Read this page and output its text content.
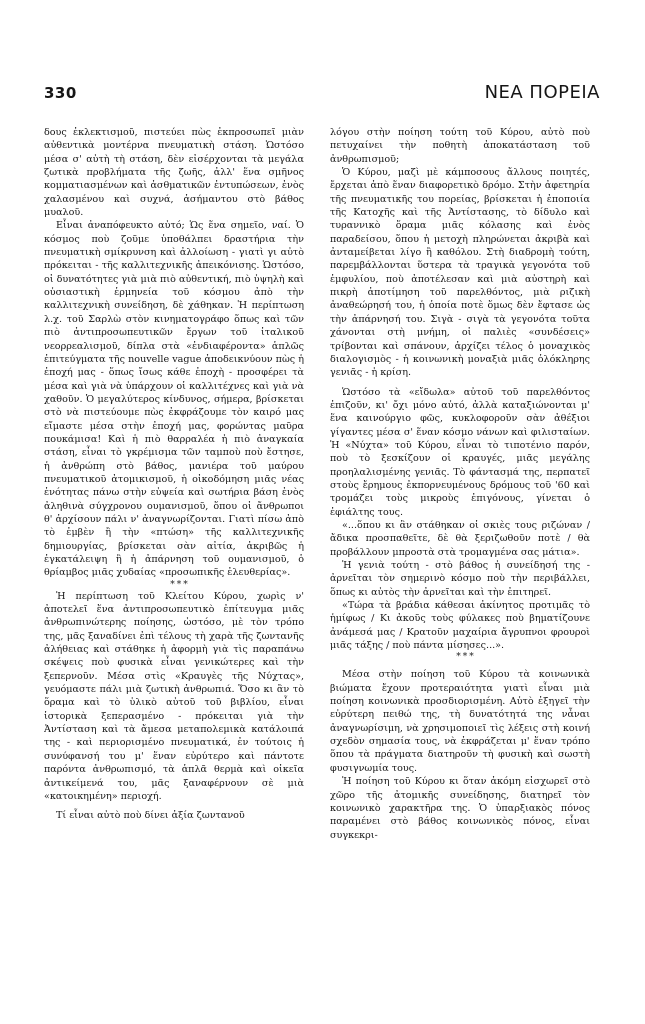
330	ΝΕΑ ΠΟΡΕΙΑ

δους ἐκλεκτισμοῦ, πιστεύει πὼς ἐκπροσωπεῖ μιὰν αὐθεντικὰ μοντέρνα πνευματικὴ στάση. Ὡστόσο μέσα σ' αὐτὴ τὴ στάση, δὲν εἰσέρχονται τὰ μεγάλα ζωτικὰ προβλήματα τῆς ζωῆς, ἀλλ' ἕνα σμῆνος κομματιασμένων καὶ ἀσθματικῶν ἐντυπώσεων, ἑνὸς χαλασμένου καὶ συχνά, ἀσήμαντου στὸ βάθος μυαλοῦ.

Εἶναι ἀναπόφευκτο αὐτό; Ὡς ἕνα σημεῖο, ναί. Ὁ κόσμος ποὺ ζοῦμε ὑποθάλπει δραστήρια τὴν πνευματικὴ σμίκρυνση καὶ ἀλλοίωση - γιατὶ γι αὐτὸ πρόκειται - τῆς καλλιτεχνικῆς ἀπεικόνισης. Ὡστόσο, οἱ δυνατότητες γιὰ μιὰ πιὸ αὐθεντική, πιὸ ὑψηλὴ καὶ οὐσιαστικὴ ἑρμηνεία τοῦ κόσμου ἀπὸ τὴν καλλιτεχνικὴ συνείδηση, δὲ χάθηκαν. Ἡ περίπτωση λ.χ. τοῦ Σαρλὼ στὸν κινηματογράφο ὅπως καὶ τῶν πιὸ ἀντιπροσωπευτικῶν ἔργων τοῦ ἰταλικοῦ νεορρεαλισμοῦ, δίπλα στὰ «ἐνδιαφέροντα» ἁπλῶς ἐπιτεύγματα τῆς nouvelle vague ἀποδεικνύουν πὼς ἡ ἐποχή μας - ὅπως ἴσως κάθε ἐποχὴ - προσφέρει τὰ μέσα καὶ γιὰ νὰ ὑπάρχουν οἱ καλλιτέχνες καὶ γιὰ νὰ χαθοῦν. Ὁ μεγαλύτερος κίνδυνος, σήμερα, βρίσκεται στὸ νὰ πιστεύουμε πὼς ἐκφράζουμε τὸν καιρό μας εἴμαστε μέσα στὴν ἐποχή μας, φορώντας μαῦρα πουκάμισα! Καὶ ἡ πιὸ θαρραλέα ἡ πιὸ ἀναγκαία στάση, εἶναι τὸ γκρέμισμα τῶν ταμποὺ ποὺ ἔστησε, ἡ ἀνθρώπη στὸ βάθος, μανιέρα τοῦ μαύρου πνευματικοῦ ἀτομικισμοῦ, ἡ οἰκοδόμηση μιᾶς νέας ἑνότητας πάνω στὴν εὐψεία καὶ σωτήρια βάση ἑνὸς ἀληθινὰ σύγχρονου ουμανισμοῦ, ὅπου οἱ ἄνθρωποι θ' ἀρχίσουν πάλι ν' ἀναγνωρίζονται. Γιατὶ πίσω ἀπὸ τὸ ἐμβὲν ἢ τὴν «πτώση» τῆς καλλιτεχνικῆς δημιουργίας, βρίσκεται σὰν αἰτία, ἀκριβῶς ἡ ἐγκατάλειψη ἢ ἡ ἀπάρνηση τοῦ ουμανισμοῦ, ὁ θρίαμβος μιᾶς χυδαίας «προσωπικῆς ἐλευθερίας».

***

Ἡ περίπτωση τοῦ Κλείτου Κύρου, χωρὶς ν' ἀποτελεῖ ἕνα ἀντιπροσωπευτικὸ ἐπίτευγμα μιᾶς ἀνθρωπινώτερης ποίησης, ὡστόσο, μὲ τὸν τρόπο της, μᾶς ξαναδίνει ἐπὶ τέλους τὴ χαρὰ τῆς ζωντανῆς ἀλήθειας καὶ στάθηκε ἡ ἀφορμὴ γιὰ τὶς παραπάνω σκέψεις ποὺ φυσικὰ εἶναι γενικώτερες καὶ τὴν ξεπερνοῦν. Μέσα στὶς «Κραυγὲς τῆς Νύχτας», γευόμαστε πάλι μιὰ ζωτικὴ ἀνθρωπιά. Ὅσο κι ἂν τὸ ὅραμα καὶ τὸ ὑλικὸ αὐτοῦ τοῦ βιβλίου, εἶναι ἱστορικὰ ξεπερασμένο - πρόκειται γιὰ τὴν Ἀντίσταση καὶ τὰ ἄμεσα μεταπολεμικὰ κατάλοιπά της - καὶ περιορισμένο πνευματικά, ἐν τούτοις ἡ συνύφανσή του μ' ἕναν εὐρύτερο καὶ πάντοτε παρόντα ἀνθρωπισμό, τὰ ἁπλᾶ θερμὰ καὶ οἰκεῖα ἀντικείμενά του, μᾶς ξαναφέρνουν σὲ μιὰ «κατοικημένη» περιοχή.

Τί εἶναι αὐτὸ ποὺ δίνει ἀξία ζωντανοῦ

λόγου στὴν ποίηση τούτη τοῦ Κύρου, αὐτὸ ποὺ πετυχαίνει τὴν ποθητὴ ἀποκατάσταση τοῦ ἀνθρωπισμοῦ;

Ὁ Κύρου, μαζὶ μὲ κάμποσους ἄλλους ποιητές, ἔρχεται ἀπὸ ἕναν διαφορετικὸ δρόμο. Στὴν ἀφετηρία τῆς πνευματικῆς του πορείας, βρίσκεται ἡ ἐποποιία τῆς Κατοχῆς καὶ τῆς Ἀντίστασης, τὸ δίδυλο καὶ τυραννικὸ ὅραμα μιᾶς κόλασης καὶ ἑνὸς παραδείσου, ὅπου ἡ μετοχὴ πληρώνεται ἀκριβὰ καὶ ἀνταμείβεται λίγο ἢ καθόλου. Στὴ διαδρομὴ τούτη, παρεμβάλλονται ὕστερα τὰ τραγικὰ γεγονότα τοῦ ἐμφυλίου, ποὺ ἀποτέλεσαν καὶ μιὰ αὐστηρὴ καὶ πικρὴ ἀποτίμηση τοῦ παρελθόντος, μιὰ ριζικὴ ἀναθεώρησή του, ἡ ὁποία ποτὲ ὅμως δὲν ἔφτασε ὡς τὴν ἀπάρνησή του. Σιγὰ - σιγὰ τὰ γεγονότα τοῦτα χάνονται στὴ μνήμη, οἱ παλιὲς «συνδέσεις» τρίβονται καὶ σπάνουν, ἀρχίζει τέλος ὁ μοναχικὸς διαλογισμὸς - ἡ κοινωνικὴ μοναξιὰ μιᾶς ὁλόκληρης γενιᾶς - ἡ κρίση.

Ὡστόσο τὰ «εἴδωλα» αὐτοῦ τοῦ παρελθόντος ἐπιζοῦν, κι' ὄχι μόνο αὐτό, ἀλλὰ καταξιώνονται μ' ἕνα καινούργιο φῶς, κυκλοφοροῦν σὰν ἀθέξιοι γίγαντες μέσα σ' ἕναν κόσμο νάνων καὶ φιλισταίων. Ἡ «Νύχτα» τοῦ Κύρου, εἶναι τὸ τιποτένιο παρόν, ποὺ τὸ ξεσκίζουν οἱ κραυγές, μιᾶς μεγάλης προηλαλισμένης γενιᾶς. Τὸ φάντασμά της, περπατεῖ στοὺς ἔρημους ἐκπορνευμένους δρόμους τοῦ '60 καὶ τρομάζει τοὺς μικροὺς ἐπιγόνους, γίνεται ὁ ἐφιάλτης τους.

«...ὅπου κι ἂν στάθηκαν οἱ σκιὲς τους ριζώναν / ἄδικα προσπαθεῖτε, δὲ θὰ ξεριζωθοῦν ποτὲ / θὰ προβάλλουν μπροστὰ στὰ τρομαγμένα σας μάτια».

Ἡ γενιὰ τούτη - στὸ βάθος ἡ συνείδησή της - ἀρνεῖται τὸν σημερινὸ κόσμο ποὺ τὴν περιβάλλει, ὅπως κι αὐτὸς τὴν ἀρνεῖται καὶ τὴν ἐπιτηρεῖ.

«Τώρα τὰ βράδια κάθεσαι ἀκίνητος προτιμᾶς τὸ ἡμίφως / Κι ἀκοῦς τοὺς φύλακες ποὺ βηματίζουνε ἀνάμεσά μας / Κρατοῦν μαχαίρια ἄγρυπνοι φρουροὶ μιᾶς τάξης / ποὺ πάντα μίσησες...».

***

Μέσα στὴν ποίηση τοῦ Κύρου τὰ κοινωνικὰ βιώματα ἔχουν προτεραιότητα γιατὶ εἶναι μιὰ ποίηση κοινωνικὰ προσδιορισμένη. Αὐτὸ ἐξηγεῖ τὴν εὐρύτερη πειθώ της, τὴ δυνατότητά της νἆναι ἀναγνωρίσιμη, νὰ χρησιμοποιεῖ τὶς λέξεις στὴ κοινή σχεδὸν σημασία τους, νὰ ἐκφράζεται μ' ἕναν τρόπο ὅπου τὰ πράγματα διατηροῦν τὴ φυσικὴ καὶ σωστὴ φυσιγνωμία τους.

Ἡ ποίηση τοῦ Κύρου κι ὅταν ἀκόμη εἰσχωρεῖ στὸ χῶρο τῆς ἀτομικῆς συνείδησης, διατηρεῖ τὸν κοινωνικὸ χαρακτῆρα της. Ὁ ὑπαρξιακὸς πόνος παραμένει στὸ βάθος κοινωνικὸς πόνος, εἶναι συγκεκρι-
